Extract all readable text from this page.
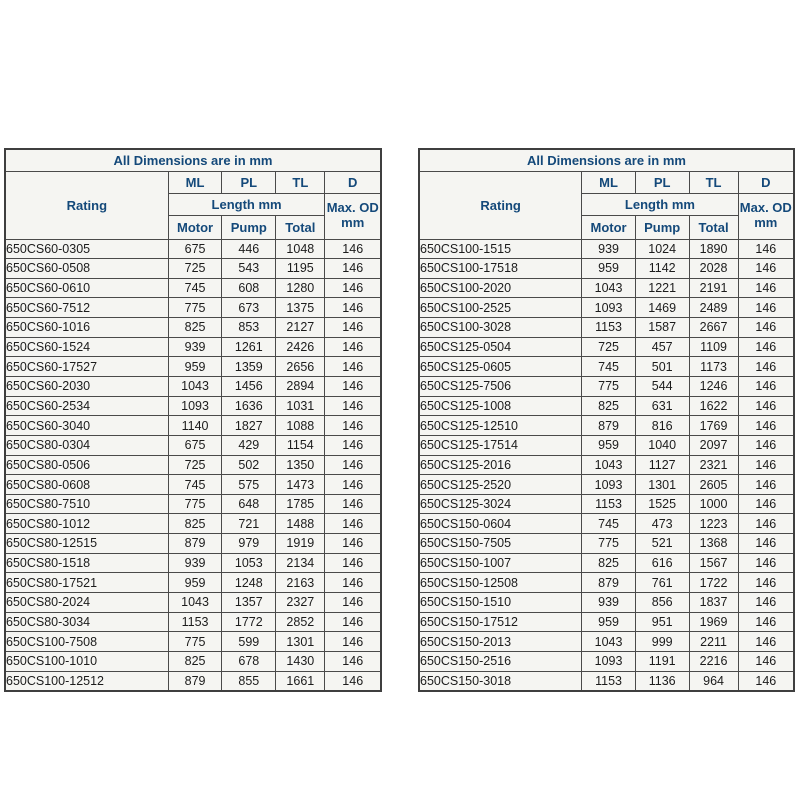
All Dimensions are in mm				
Rating	ML	PL	TL	D
	Length mm			Max. OD
mm

	Motor	Pump	Total	
650CS60-0305	675	446	1048	146
650CS60-0508	725	543	1195	146
650CS60-0610	745	608	1280	146
650CS60-7512	775	673	1375	146
650CS60-1016	825	853	2127	146
650CS60-1524	939	1261	2426	146
650CS60-17527	959	1359	2656	146
650CS60-2030	1043	1456	2894	146
650CS60-2534	1093	1636	1031	146
650CS60-3040	1140	1827	1088	146
650CS80-0304	675	429	1154	146
650CS80-0506	725	502	1350	146
650CS80-0608	745	575	1473	146
650CS80-7510	775	648	1785	146
650CS80-1012	825	721	1488	146
650CS80-12515	879	979	1919	146
650CS80-1518	939	1053	2134	146
650CS80-17521	959	1248	2163	146
650CS80-2024	1043	1357	2327	146
650CS80-3034	1153	1772	2852	146
650CS100-7508	775	599	1301	146
650CS100-1010	825	678	1430	146
650CS100-12512	879	855	1661	146
All Dimensions are in mm				
Rating	ML	PL	TL	D
	Length mm			Max. OD
mm

	Motor	Pump	Total	
650CS100-1515	939	1024	1890	146
650CS100-17518	959	1142	2028	146
650CS100-2020	1043	1221	2191	146
650CS100-2525	1093	1469	2489	146
650CS100-3028	1153	1587	2667	146
650CS125-0504	725	457	1109	146
650CS125-0605	745	501	1173	146
650CS125-7506	775	544	1246	146
650CS125-1008	825	631	1622	146
650CS125-12510	879	816	1769	146
650CS125-17514	959	1040	2097	146
650CS125-2016	1043	1127	2321	146
650CS125-2520	1093	1301	2605	146
650CS125-3024	1153	1525	1000	146
650CS150-0604	745	473	1223	146
650CS150-7505	775	521	1368	146
650CS150-1007	825	616	1567	146
650CS150-12508	879	761	1722	146
650CS150-1510	939	856	1837	146
650CS150-17512	959	951	1969	146
650CS150-2013	1043	999	2211	146
650CS150-2516	1093	1191	2216	146
650CS150-3018	1153	1136	964	146
